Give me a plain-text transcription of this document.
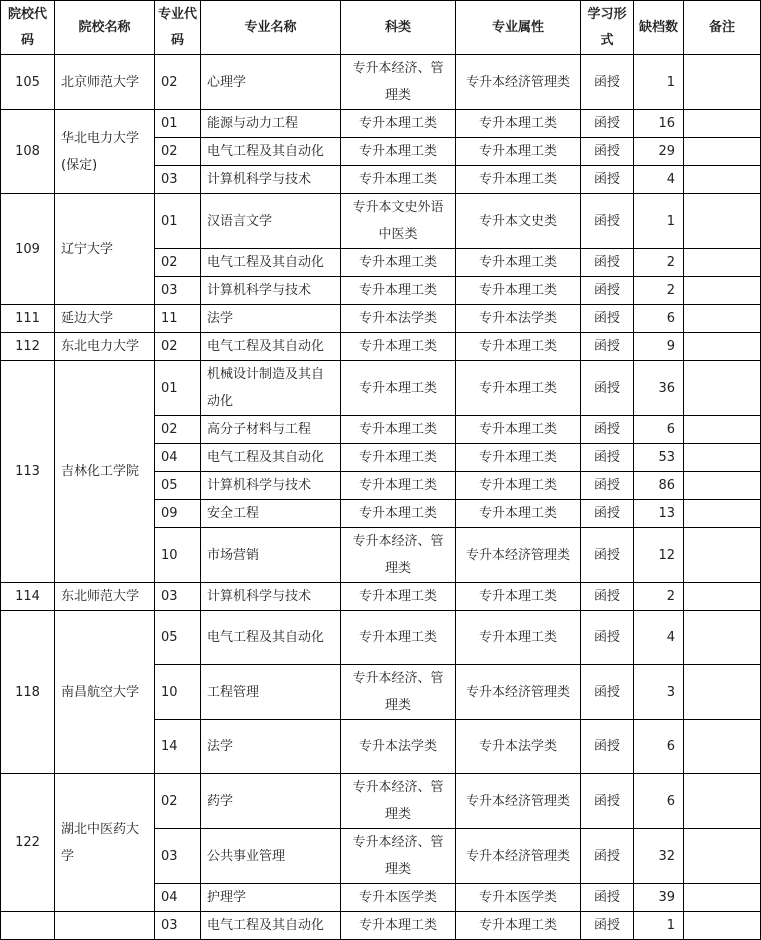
院校代码	院校名称	专业代码	专业名称	科类	专业属性	学习形式	缺档数	备注
105	北京师范大学	02	心理学	专升本经济、管理类	专升本经济管理类	函授	1	
108	华北电力大学(保定)	01	能源与动力工程	专升本理工类	专升本理工类	函授	16	
		02	电气工程及其自动化	专升本理工类	专升本理工类	函授	29	
		03	计算机科学与技术	专升本理工类	专升本理工类	函授	4	
109	辽宁大学	01	汉语言文学	专升本文史外语中医类	专升本文史类	函授	1	
		02	电气工程及其自动化	专升本理工类	专升本理工类	函授	2	
		03	计算机科学与技术	专升本理工类	专升本理工类	函授	2	
111	延边大学	11	法学	专升本法学类	专升本法学类	函授	6	
112	东北电力大学	02	电气工程及其自动化	专升本理工类	专升本理工类	函授	9	
113	吉林化工学院	01	机械设计制造及其自动化	专升本理工类	专升本理工类	函授	36	
		02	高分子材料与工程	专升本理工类	专升本理工类	函授	6	
		04	电气工程及其自动化	专升本理工类	专升本理工类	函授	53	
		05	计算机科学与技术	专升本理工类	专升本理工类	函授	86	
		09	安全工程	专升本理工类	专升本理工类	函授	13	
		10	市场营销	专升本经济、管理类	专升本经济管理类	函授	12	
114	东北师范大学	03	计算机科学与技术	专升本理工类	专升本理工类	函授	2	
118	南昌航空大学	05	电气工程及其自动化	专升本理工类	专升本理工类	函授	4	
		10	工程管理	专升本经济、管理类	专升本经济管理类	函授	3	
		14	法学	专升本法学类	专升本法学类	函授	6	
122	湖北中医药大学	02	药学	专升本经济、管理类	专升本经济管理类	函授	6	
		03	公共事业管理	专升本经济、管理类	专升本经济管理类	函授	32	
		04	护理学	专升本医学类	专升本医学类	函授	39	
		03	电气工程及其自动化	专升本理工类	专升本理工类	函授	1	
